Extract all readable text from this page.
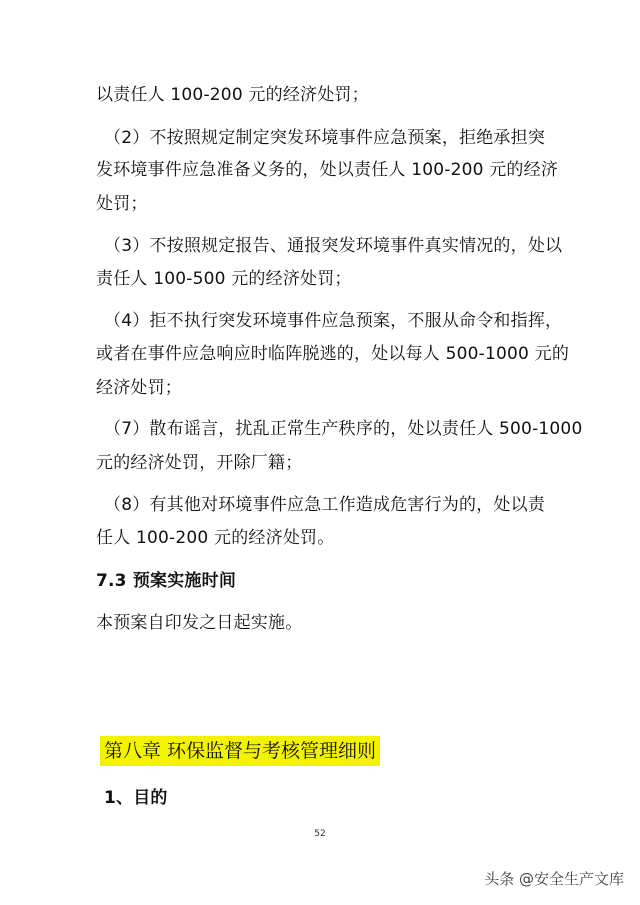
以责任人 100-200 元的经济处罚；
（2）不按照规定制定突发环境事件应急预案，拒绝承担突
发环境事件应急准备义务的，处以责任人 100-200 元的经济
处罚；
（3）不按照规定报告、通报突发环境事件真实情况的，处以
责任人 100-500 元的经济处罚；
（4）拒不执行突发环境事件应急预案，不服从命令和指挥，
或者在事件应急响应时临阵脱逃的，处以每人 500-1000 元的
经济处罚；
（7）散布谣言，扰乱正常生产秩序的，处以责任人 500-1000
元的经济处罚，开除厂籍；
（8）有其他对环境事件应急工作造成危害行为的，处以责
任人 100-200 元的经济处罚。
7.3 预案实施时间
本预案自印发之日起实施。
第八章 环保监督与考核管理细则
1、目的
52
头条 @安全生产文库
